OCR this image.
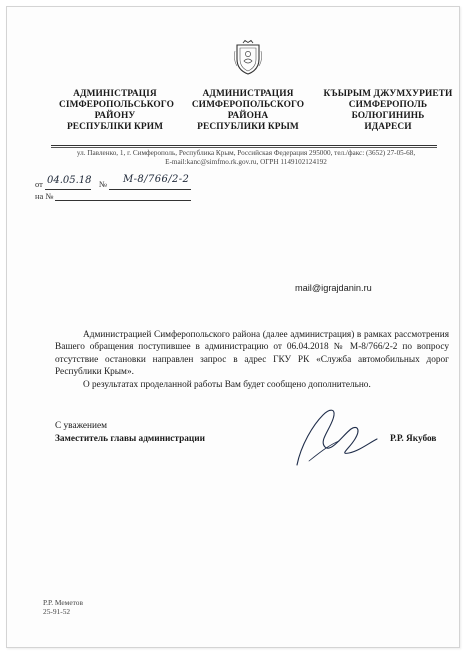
АДМИНІСТРАЦІЯ
СІМФЕРОПОЛЬСЬКОГО
РАЙОНУ
РЕСПУБЛІКИ КРИМ
АДМИНИСТРАЦИЯ
СИМФЕРОПОЛЬСКОГО
РАЙОНА
РЕСПУБЛИКИ КРЫМ
КЪЫРЫМ ДЖУМХУРИЕТИ
СИМФЕРОПОЛЬ
БОЛЮГИНИНЬ
ИДАРЕСИ
ул. Павленко, 1, г. Симферополь, Республика Крым, Российская Федерация 295000, тел./факс: (3652) 27-05-68,
E-mail:kanc@simfmo.rk.gov.ru, ОГРН 1149102124192
от 04.05.18 № М-8/766/2-2
на №
mail@igrajdanin.ru

Администрацией Симферопольского района (далее администрация) в рамках рассмотрения Вашего обращения поступившее в администрацию от 06.04.2018 № М-8/766/2-2 по вопросу отсутствие остановки направлен запрос в адрес ГКУ РК «Служба автомобильных дорог Республики Крым».

О результатах проделанной работы Вам будет сообщено дополнительно.

С уважением
Заместитель главы администрации	Р.Р. Якубов
Р.Р. Меметов
25-91-52
